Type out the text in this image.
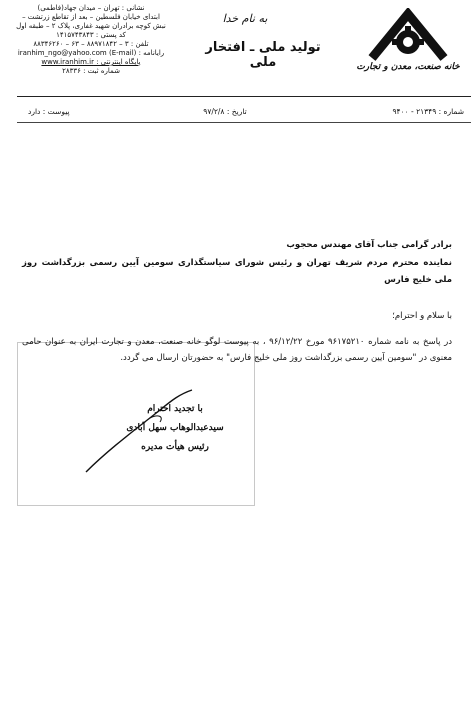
خانه صنعت، معدن و تجارت
به نام خدا
تولید ملی ـ افتخار ملی
نشانی : تهران – میدان جهاد(فاطمی)
ابتدای خیابان فلسطین – بعد از تقاطع زرتشت –
نبش کوچه برادران شهید غفاری، پلاک ۲ – طبقه اول
کد پستی : ۱۴۱۵۷۴۳۸۴۳
تلفن : ۳ – ۸۸۹۷۱۸۴۲ – ۶۳ – ۸۸۳۴۶۲۶۰
رایانامه : (E-mail) iranhim_ngo@yahoo.com
پایگاه اینترنتی : www.iranhim.ir
شماره ثبت : ۲۸۳۳۶
شماره : ۲۱۳۴۹ - ۹۴۰۰
تاریخ : ۹۷/۲/۸
پیوست : دارد
برادر گرامی جناب آقای مهندس محجوب
نماینده محترم مردم شریف تهران و رئیس شورای سیاستگذاری سومین آیین رسمی بزرگداشت روز ملی خلیج فارس
با سلام و احترام؛
در پاسخ به نامه شماره ۹۶۱۷۵۲۱۰ مورخ ۹۶/۱۲/۲۲ ، به پیوست لوگو خانه صنعت، معدن و تجارت ایران به عنوان حامی معنوی در "سومین آیین رسمی بزرگداشت روز ملی خلیج فارس" به حضورتان ارسال می گردد.
با تجدید احترام
سیدعبدالوهاب سهل آبادی
رئیس هیأت مدیره
